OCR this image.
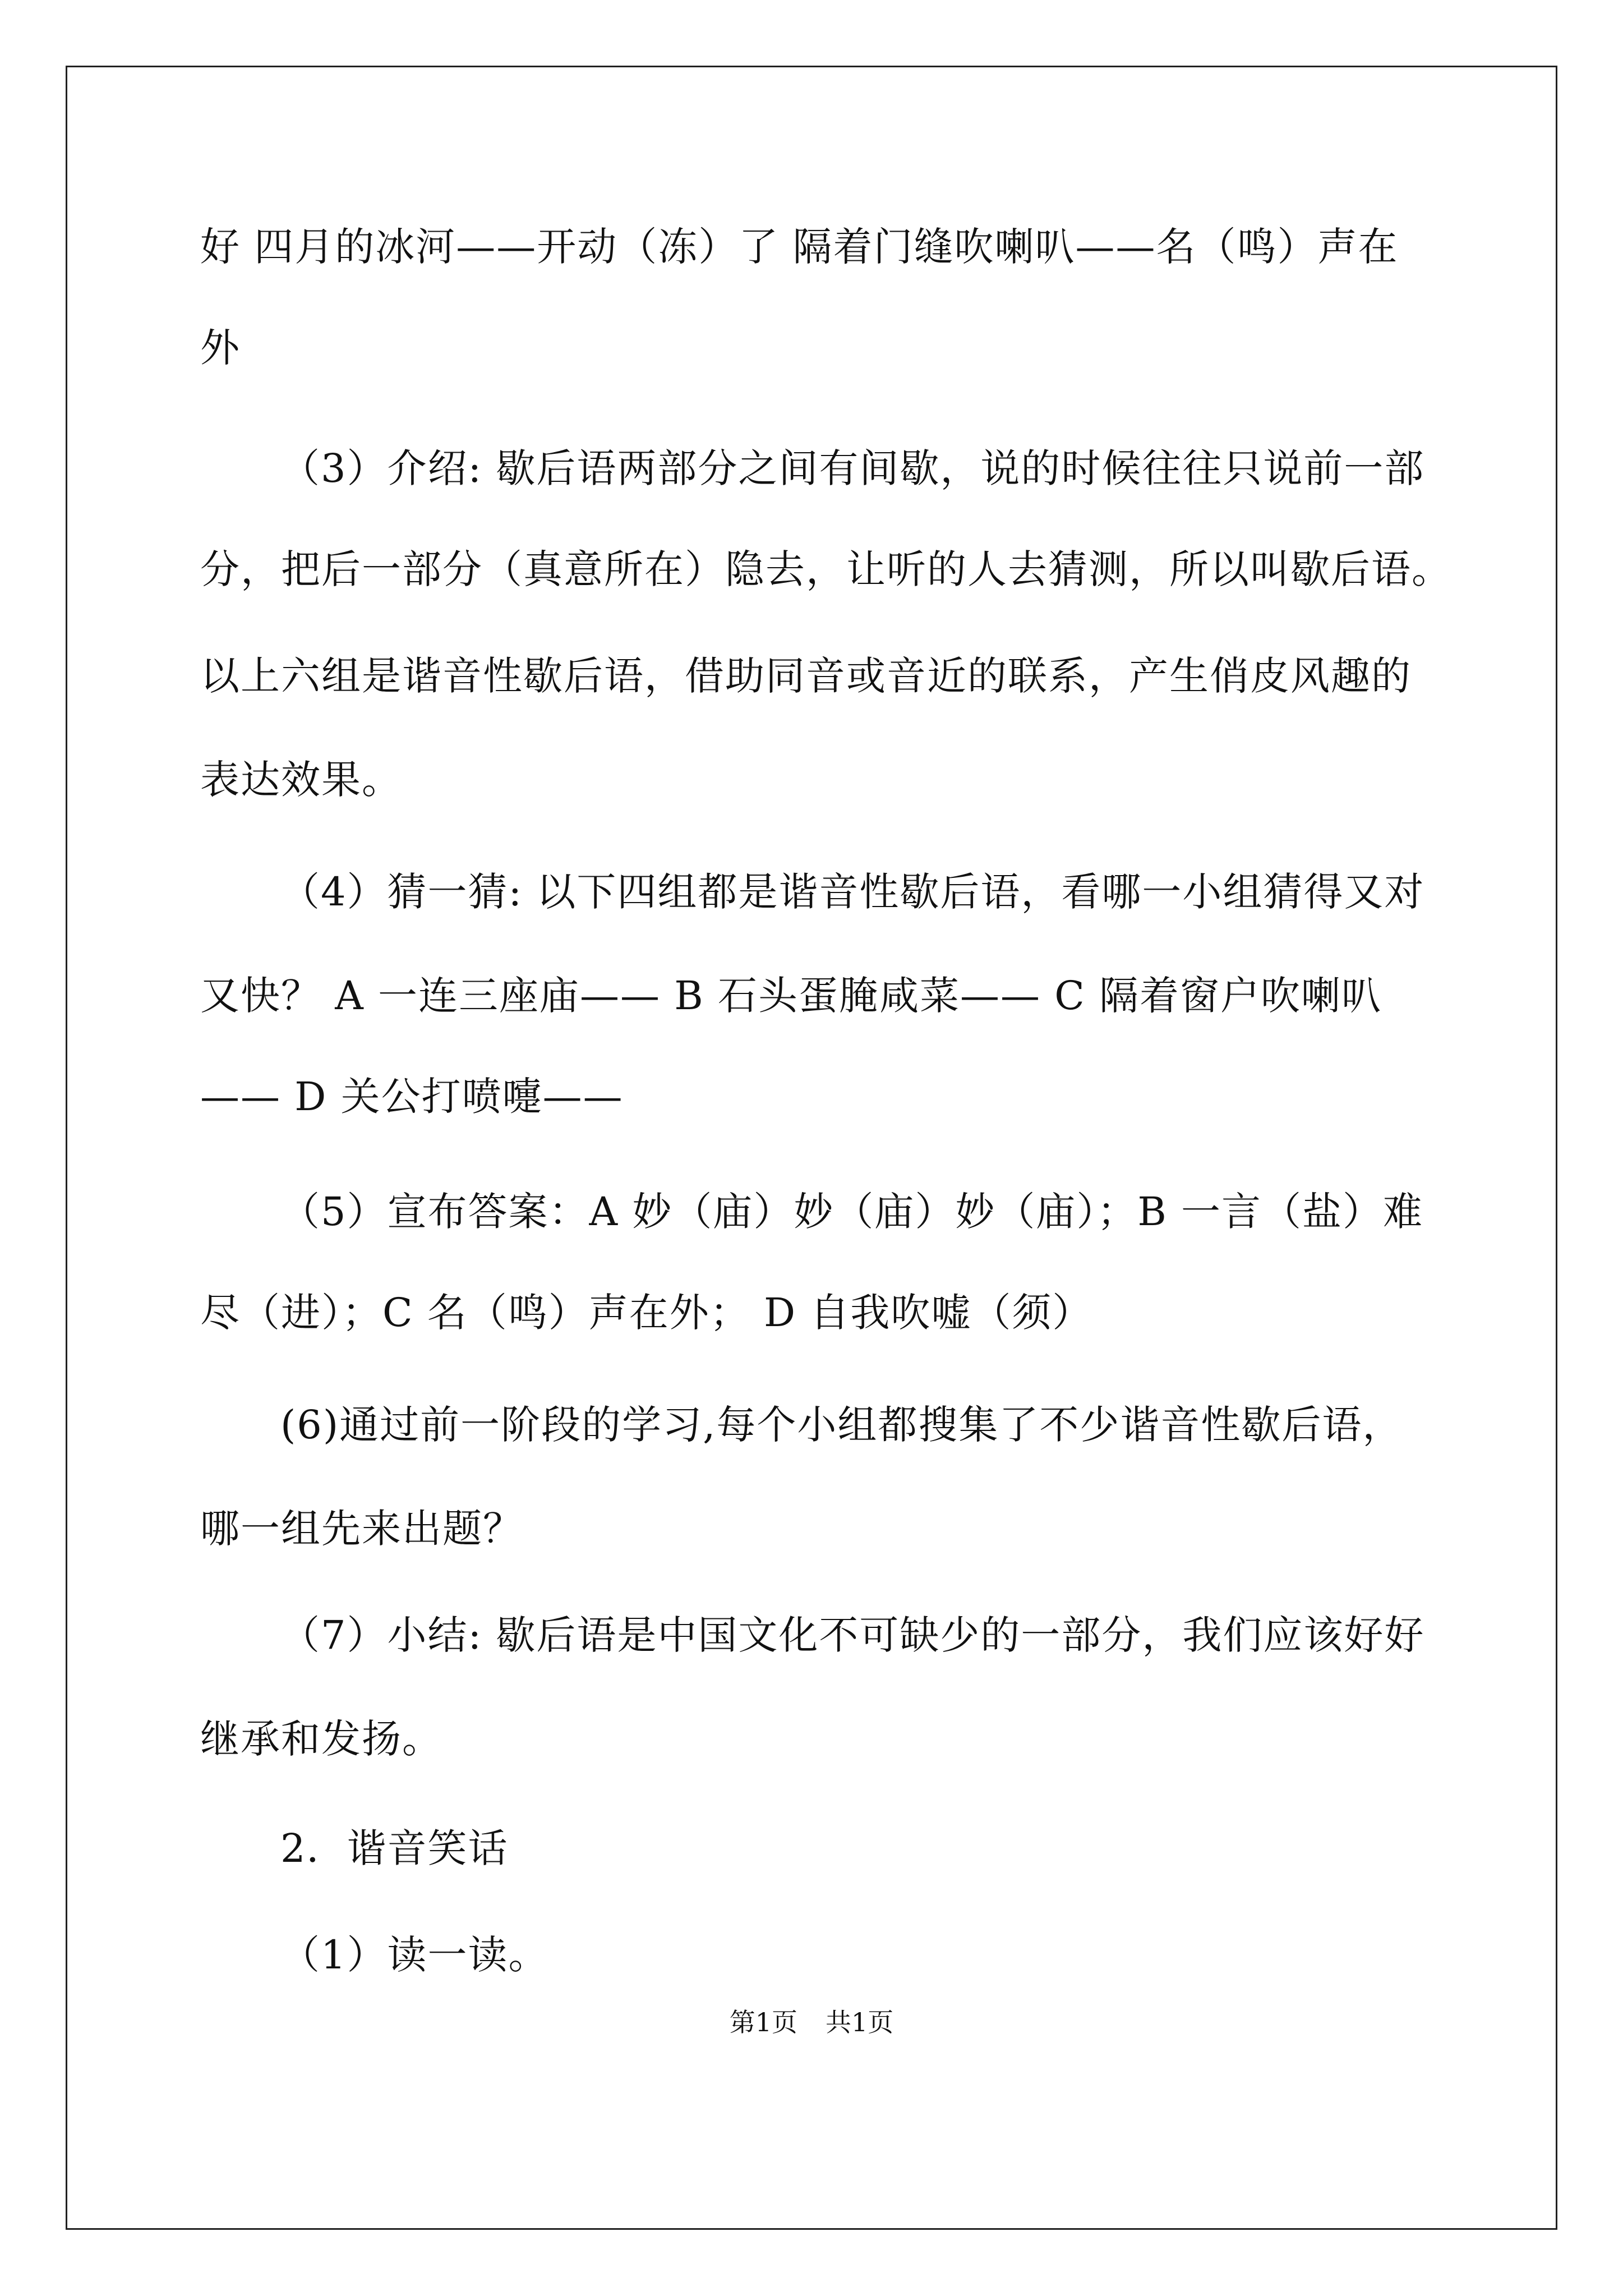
好 四月的冰河——开动（冻）了 隔着门缝吹喇叭——名（鸣）声在
外
（3）介绍: 歇后语两部分之间有间歇，说的时候往往只说前一部
分，把后一部分（真意所在）隐去，让听的人去猜测，所以叫歇后语。
以上六组是谐音性歇后语，借助同音或音近的联系，产生俏皮风趣的
表达效果。
（4）猜一猜: 以下四组都是谐音性歇后语，看哪一小组猜得又对
又快？ A 一连三座庙—— B 石头蛋腌咸菜—— C 隔着窗户吹喇叭
—— D 关公打喷嚏——
（5）宣布答案：A 妙（庙）妙（庙）妙（庙）；B 一言（盐）难
尽（进）；C 名（鸣）声在外； D 自我吹嘘（须）
(6)通过前一阶段的学习,每个小组都搜集了不少谐音性歇后语，
哪一组先来出题？
（7）小结: 歇后语是中国文化不可缺少的一部分，我们应该好好
继承和发扬。
2．谐音笑话
（1）读一读。
第1页 共1页
